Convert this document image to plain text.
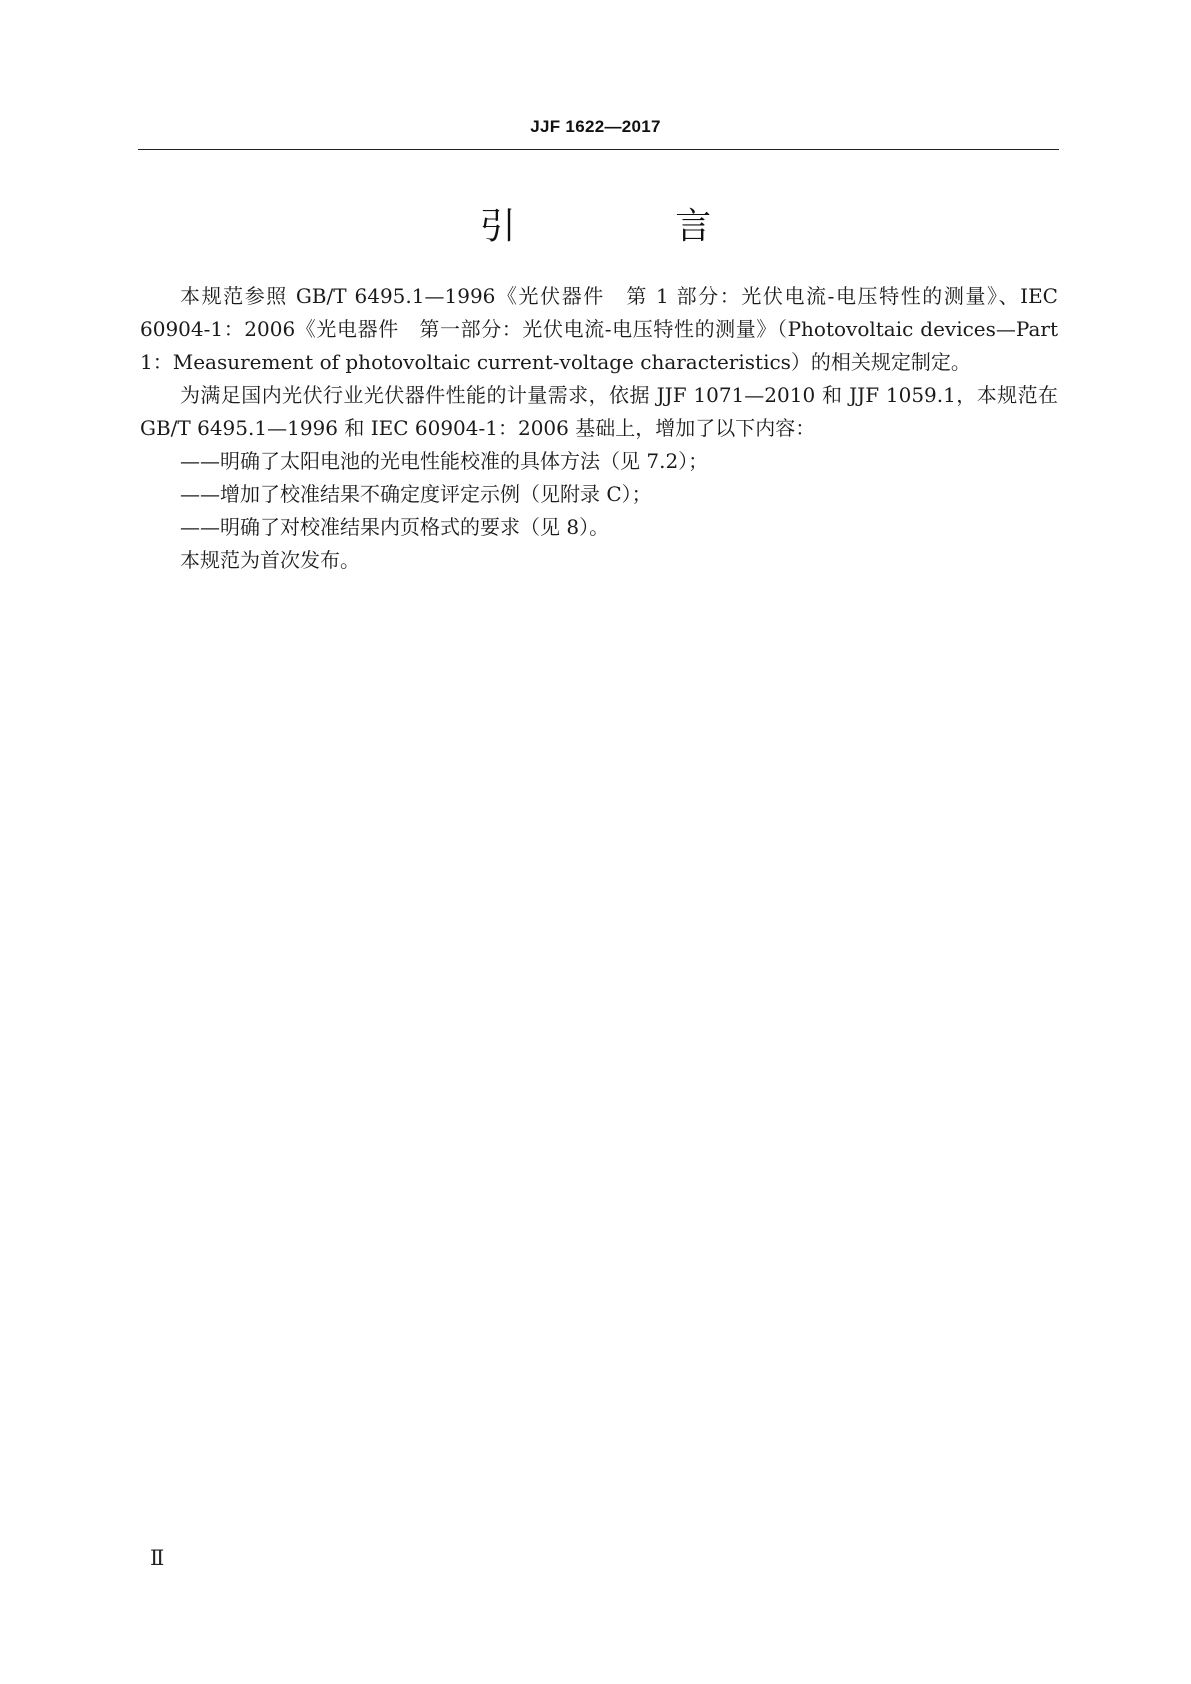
JJF 1622—2017
引 言

本规范参照 GB/T 6495.1—1996《光伏器件　第 1 部分：光伏电流-电压特性的测量》、IEC 60904-1：2006《光电器件　第一部分：光伏电流-电压特性的测量》（Photovoltaic devices—Part 1：Measurement of photovoltaic current-voltage characteristics）的相关规定制定。

为满足国内光伏行业光伏器件性能的计量需求，依据 JJF 1071—2010 和 JJF 1059.1，本规范在 GB/T 6495.1—1996 和 IEC 60904-1：2006 基础上，增加了以下内容：

——明确了太阳电池的光电性能校准的具体方法（见 7.2）；

——增加了校准结果不确定度评定示例（见附录 C）；

——明确了对校准结果内页格式的要求（见 8）。

本规范为首次发布。

Ⅱ
